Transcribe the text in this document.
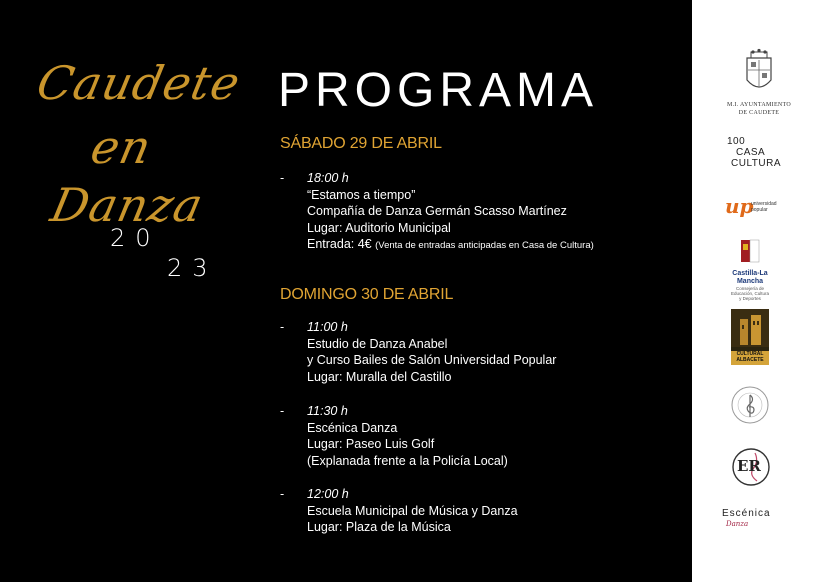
Caudete
en
Danza
20
23
PROGRAMA
SÁBADO 29 DE ABRIL
- 18:00 h
“Estamos a tiempo”
Compañía de Danza Germán Scasso Martínez
Lugar: Auditorio Municipal
Entrada: 4€ (Venta de entradas anticipadas en Casa de Cultura)
DOMINGO 30 DE ABRIL
- 11:00 h
Estudio de Danza Anabel
y Curso Bailes de Salón Universidad Popular
Lugar: Muralla del Castillo
- 11:30 h
Escénica Danza
Lugar: Paseo Luis Golf
(Explanada frente a la Policía Local)
- 12:00 h
Escuela Municipal de Música y Danza
Lugar: Plaza de la Música
M.I. AYUNTAMIENTO
DE CAUDETE
100
CASA
CULTURA
up
universidad
popular
Castilla-La Mancha
Consejería de
Educación, Cultura
y Deportes
CULTURAL
ALBACETE
ER
Escénica
Danza
